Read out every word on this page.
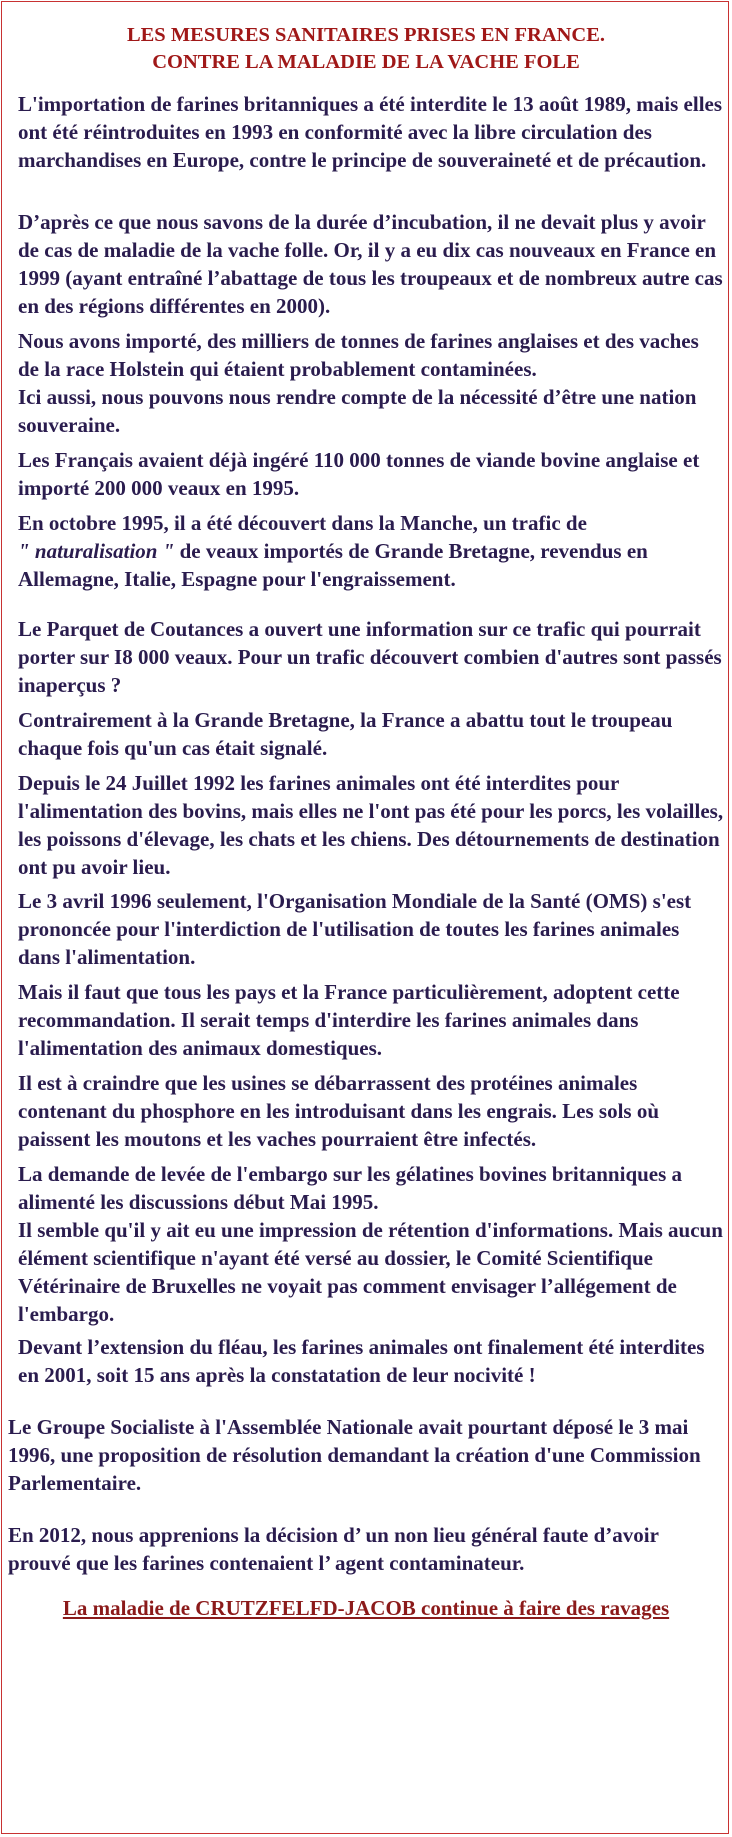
LES MESURES SANITAIRES PRISES EN FRANCE.
CONTRE LA MALADIE DE LA VACHE FOLE

L'importation de farines britanniques a été interdite le 13 août 1989, mais elles ont été réintroduites en 1993 en conformité avec la libre circulation des marchandises en Europe, contre le principe de souveraineté et de précaution.

D’après ce que nous savons de la durée d’incubation, il ne devait plus y avoir de cas de maladie de la vache folle. Or, il y a eu dix cas nouveaux en France en 1999 (ayant entraîné l’abattage de tous les troupeaux et de nombreux autre cas en des régions différentes en 2000).

Nous avons importé, des milliers de tonnes de farines anglaises et des vaches de la race Holstein qui étaient probablement contaminées.
Ici aussi, nous pouvons nous rendre compte de la nécessité d’être une nation souveraine.

Les Français avaient déjà ingéré 110 000 tonnes de viande bovine anglaise et importé 200 000 veaux en 1995.

En octobre 1995, il a été découvert dans la Manche, un trafic de
" naturalisation " de veaux importés de Grande Bretagne, revendus en Allemagne, Italie, Espagne pour l'engraissement.

Le Parquet de Coutances a ouvert une information sur ce trafic qui pourrait porter sur I8 000 veaux. Pour un trafic découvert combien d'autres sont passés inaperçus ?

Contrairement à la Grande Bretagne, la France a abattu tout le troupeau chaque fois qu'un cas était signalé.

Depuis le 24 Juillet 1992 les farines animales ont été interdites pour l'alimentation des bovins, mais elles ne l'ont pas été pour les porcs, les volailles, les poissons d'élevage, les chats et les chiens. Des détournements de destination ont pu avoir lieu.

Le 3 avril 1996 seulement, l'Organisation Mondiale de la Santé (OMS) s'est prononcée pour l'interdiction de l'utilisation de toutes les farines animales dans l'alimentation.

Mais il faut que tous les pays et la France particulièrement, adoptent cette recommandation. Il serait temps d'interdire les farines animales dans l'alimentation des animaux domestiques.

Il est à craindre que les usines se débarrassent des protéines animales contenant du phosphore en les introduisant dans les engrais. Les sols où paissent les moutons et les vaches pourraient être infectés.

La demande de levée de l'embargo sur les gélatines bovines britanniques a alimenté les discussions début Mai 1995.
Il semble qu'il y ait eu une impression de rétention d'informations. Mais aucun élément scientifique n'ayant été versé au dossier, le Comité Scientifique Vétérinaire de Bruxelles ne voyait pas comment envisager l’allégement de l'embargo.

Devant l’extension du fléau, les farines animales ont finalement été interdites en 2001, soit 15 ans après la constatation de leur nocivité !

Le Groupe Socialiste à l'Assemblée Nationale avait pourtant déposé le 3 mai 1996, une proposition de résolution demandant la création d'une Commission Parlementaire.

En 2012, nous apprenions la décision d’ un non lieu général faute d’avoir prouvé que les farines contenaient l’ agent contaminateur.

La maladie de CRUTZFELFD-JACOB continue à faire des ravages
